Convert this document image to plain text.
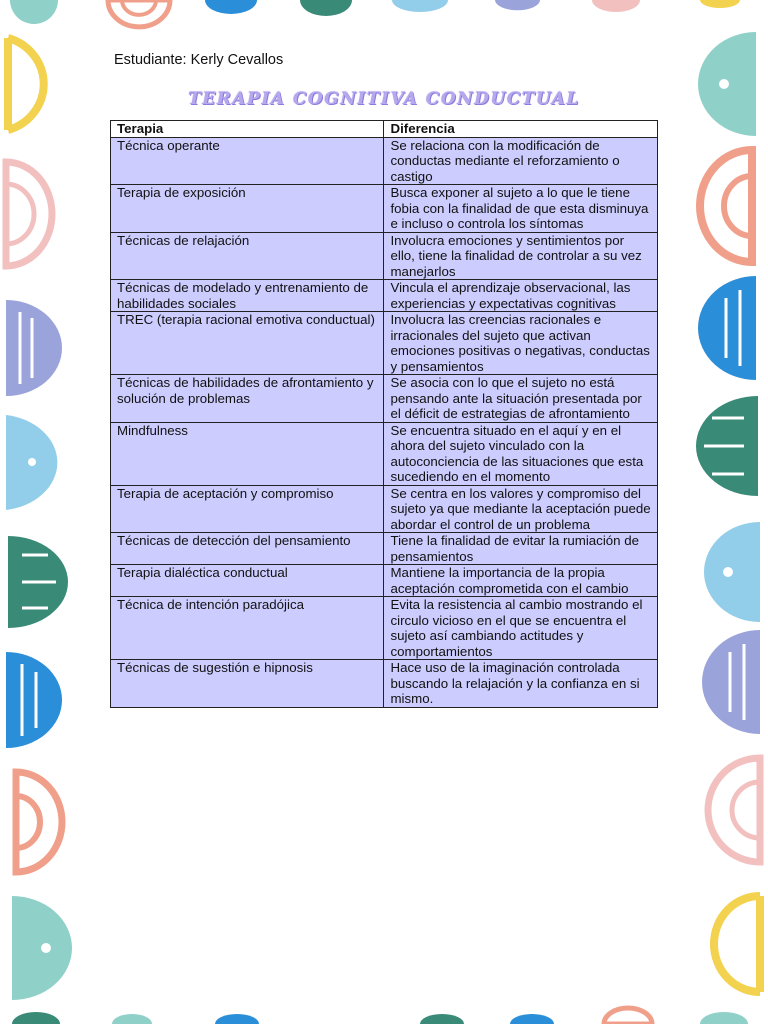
Estudiante: Kerly Cevallos
TERAPIA COGNITIVA CONDUCTUAL
Terapia	Diferencia
Técnica operante	Se relaciona con la modificación de conductas mediante el reforzamiento o castigo
Terapia de exposición	Busca exponer al sujeto a lo que le tiene fobia con la finalidad de que esta disminuya e incluso o controla los síntomas
Técnicas de relajación	Involucra emociones y sentimientos por ello, tiene la finalidad de controlar a su vez manejarlos
Técnicas de modelado y entrenamiento de habilidades sociales	Vincula el aprendizaje observacional, las experiencias y expectativas cognitivas
TREC (terapia racional emotiva conductual)	Involucra las creencias racionales e irracionales del sujeto que activan emociones positivas o negativas, conductas y pensamientos
Técnicas de habilidades de afrontamiento y solución de problemas	Se asocia con lo que el sujeto no está pensando ante la situación presentada por el déficit de estrategias de afrontamiento
Mindfulness	Se encuentra situado en el aquí y en el ahora del sujeto vinculado con la autoconciencia de las situaciones que esta sucediendo en el momento
Terapia de aceptación y compromiso	Se centra en los valores y compromiso del sujeto ya que mediante la aceptación puede abordar el control de un problema
Técnicas de detección del pensamiento	Tiene la finalidad de evitar la rumiación de pensamientos
Terapia dialéctica conductual	Mantiene la importancia de la propia aceptación comprometida con el cambio
Técnica de intención paradójica	Evita la resistencia al cambio mostrando el circulo vicioso en el que se encuentra el sujeto así cambiando actitudes y comportamientos
Técnicas de sugestión e hipnosis	Hace uso de la imaginación controlada buscando la relajación y la confianza en si mismo.
